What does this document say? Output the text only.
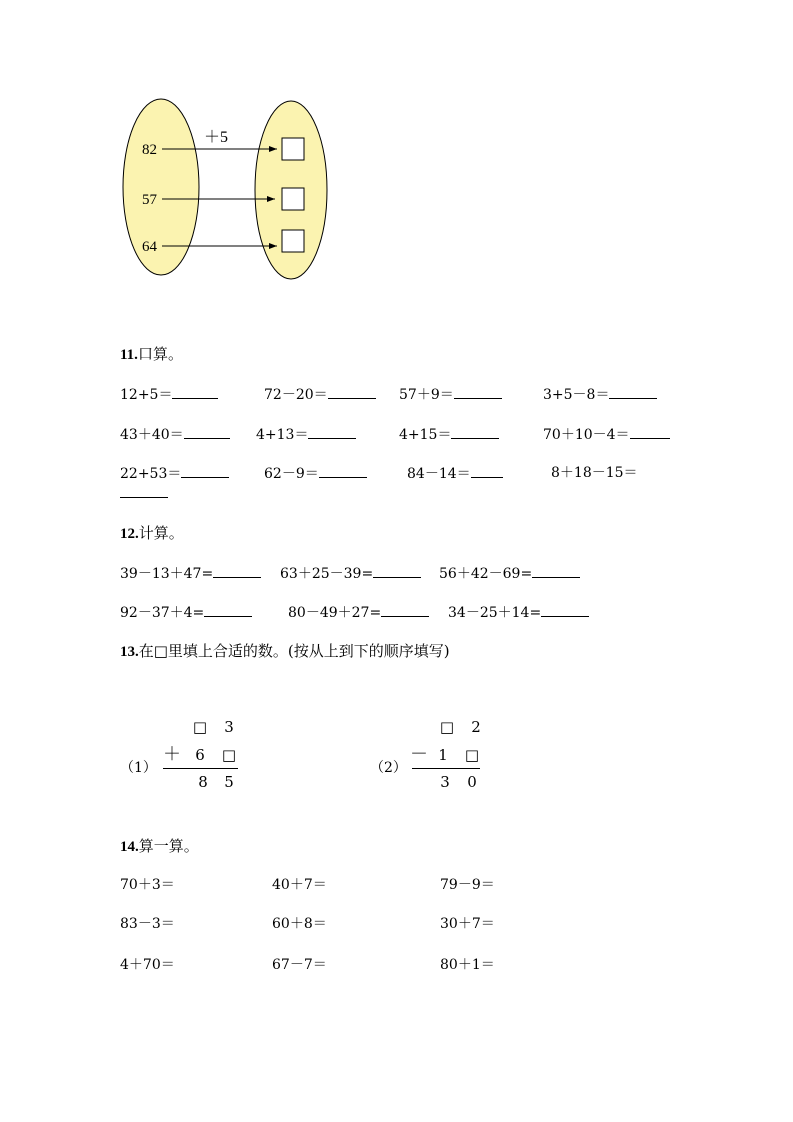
＋5
82
57
64
11.口算。
12+5＝	72－20＝	57＋9＝	3+5－8＝
43＋40＝	4+13＝	4+15＝	70＋10－4＝
22+53＝	62－9＝	84－14＝	8＋18－15＝
12.计算。
39－13＋47=	63＋25－39=	56＋42－69=
92－37＋4=	80－49＋27=	34－25＋14=
13.在□里填上合适的数。(按从上到下的顺序填写)
（1）
□	3
＋ 6	□
8	5
（2）
□	2
－ 1	□
3	0
14.算一算。
70＋3＝	40＋7＝	79－9＝
83－3＝	60＋8＝	30＋7＝
4＋70＝	67－7＝	80＋1＝
